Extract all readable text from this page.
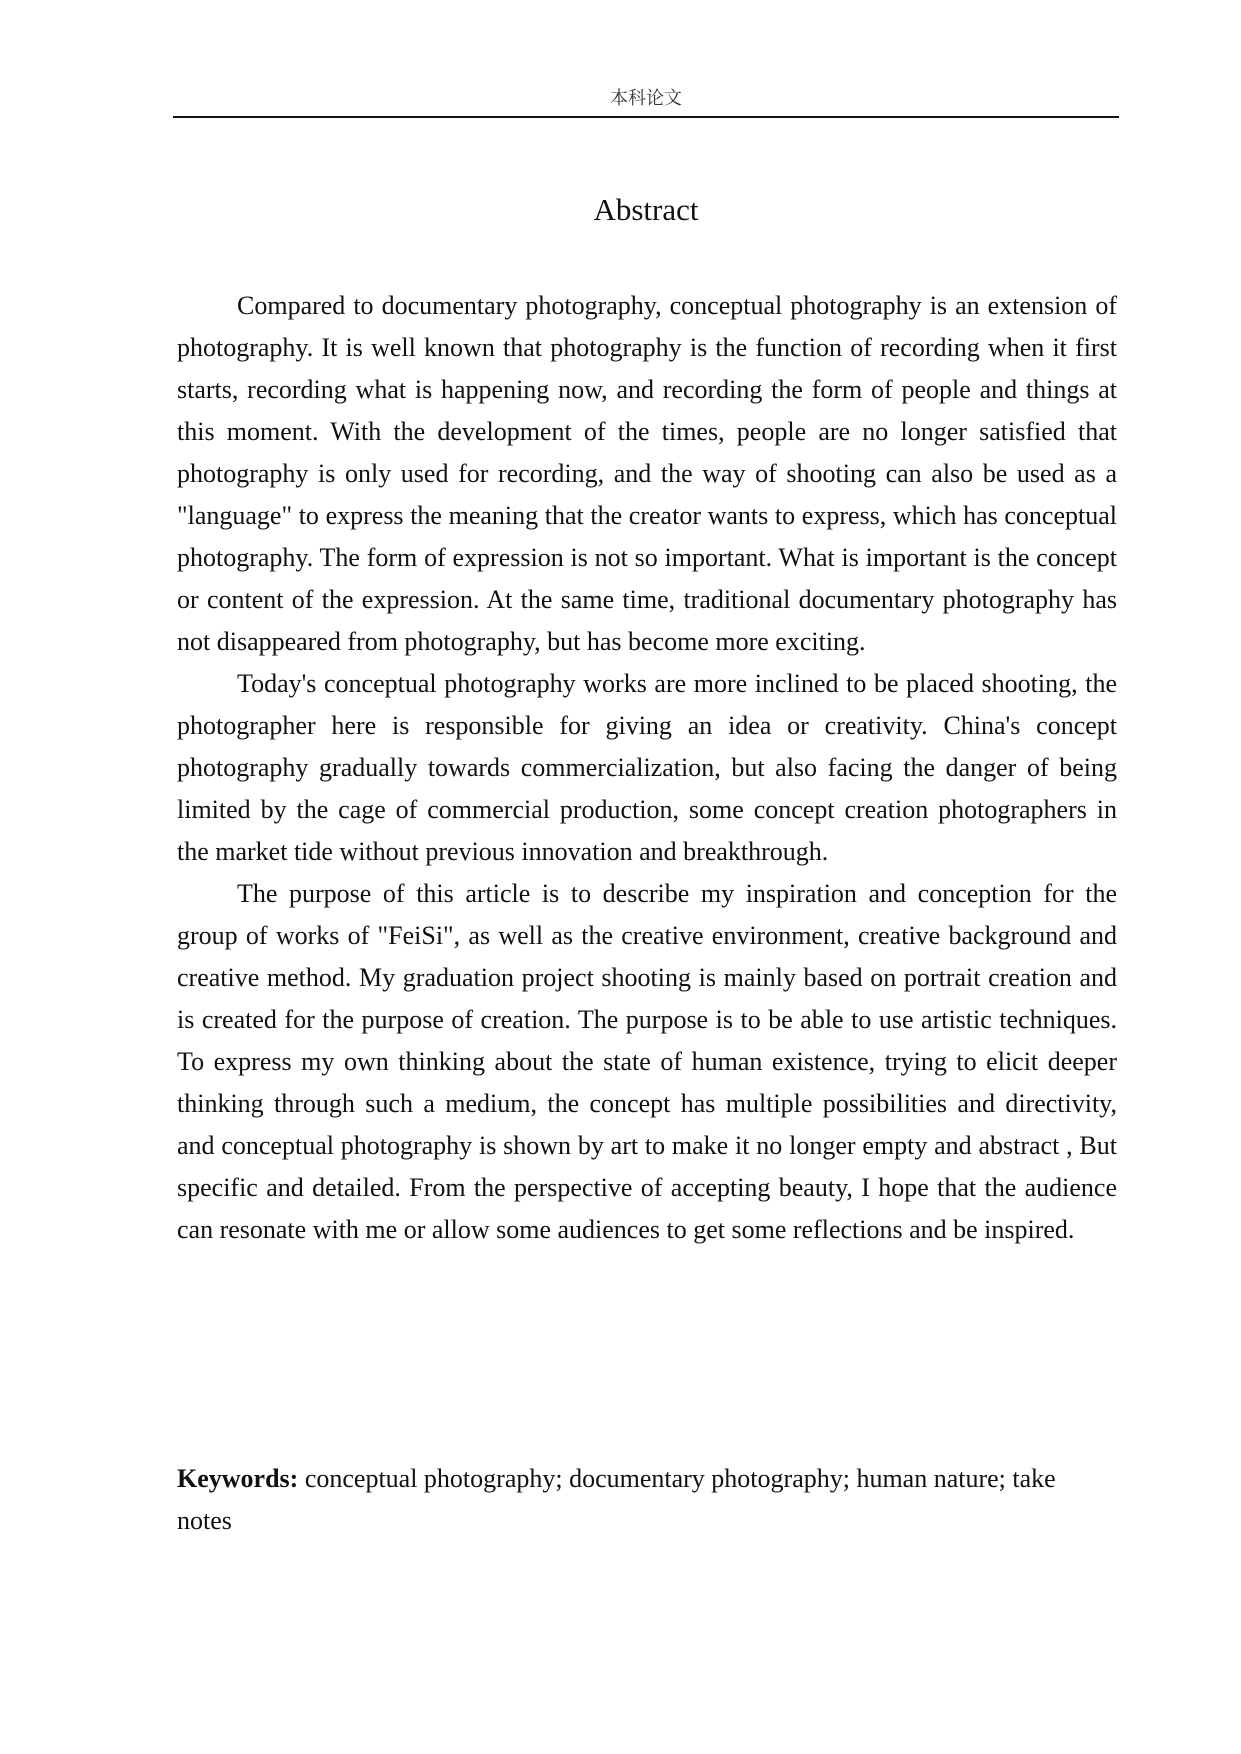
本科论文
Abstract

Compared to documentary photography, conceptual photography is an extension of photography. It is well known that photography is the function of recording when it first starts, recording what is happening now, and recording the form of people and things at this moment. With the development of the times, people are no longer satisfied that photography is only used for recording, and the way of shooting can also be used as a "language" to express the meaning that the creator wants to express, which has conceptual photography. The form of expression is not so important. What is important is the concept or content of the expression. At the same time, traditional documentary photography has not disappeared from photography, but has become more exciting.

Today's conceptual photography works are more inclined to be placed shooting, the photographer here is responsible for giving an idea or creativity. China's concept photography gradually towards commercialization, but also facing the danger of being limited by the cage of commercial production, some concept creation photographers in the market tide without previous innovation and breakthrough.

The purpose of this article is to describe my inspiration and conception for the group of works of "FeiSi", as well as the creative environment, creative background and creative method. My graduation project shooting is mainly based on portrait creation and is created for the purpose of creation. The purpose is to be able to use artistic techniques. To express my own thinking about the state of human existence, trying to elicit deeper thinking through such a medium, the concept has multiple possibilities and directivity, and conceptual photography is shown by art to make it no longer empty and abstract , But specific and detailed. From the perspective of accepting beauty, I hope that the audience can resonate with me or allow some audiences to get some reflections and be inspired.

Keywords: conceptual photography; documentary photography; human nature; take notes
